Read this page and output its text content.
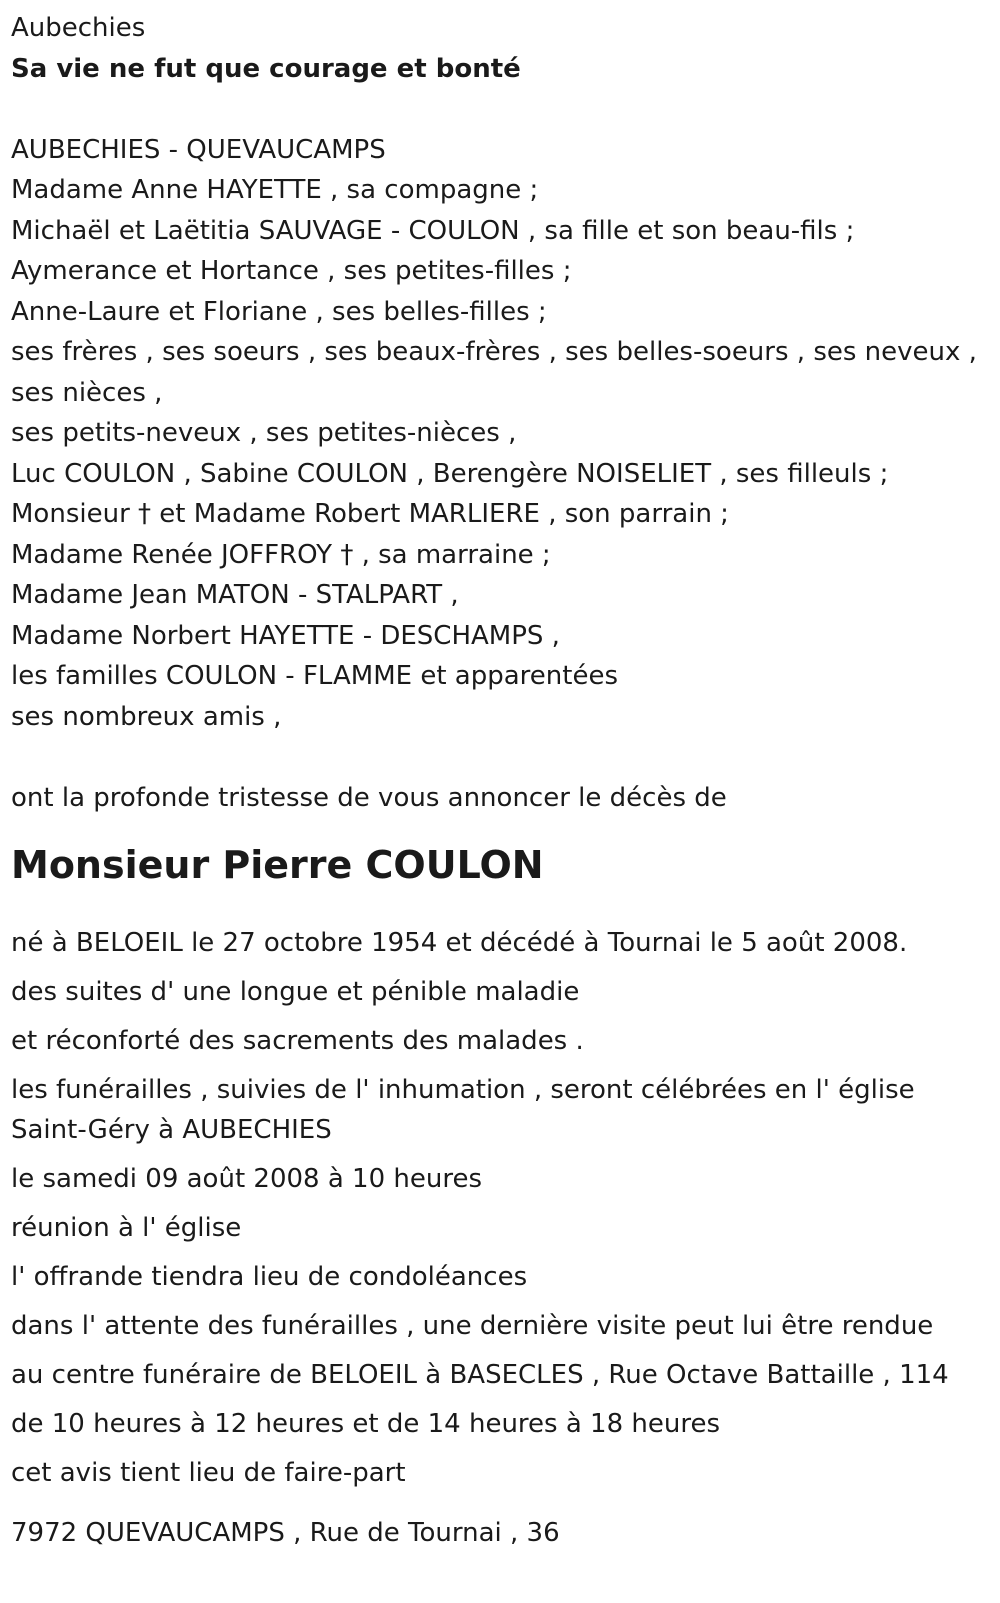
Aubechies
Sa vie ne fut que courage et bonté
AUBECHIES - QUEVAUCAMPS
Madame Anne HAYETTE , sa compagne ;
Michaël et Laëtitia SAUVAGE - COULON , sa fille et son beau-fils ;
Aymerance et Hortance , ses petites-filles ;
Anne-Laure et Floriane , ses belles-filles ;
ses frères , ses soeurs , ses beaux-frères , ses belles-soeurs , ses neveux ,
ses nièces ,
ses petits-neveux , ses petites-nièces ,
Luc COULON , Sabine COULON , Berengère NOISELIET , ses filleuls ;
Monsieur † et Madame Robert MARLIERE , son parrain ;
Madame Renée JOFFROY † , sa marraine ;
Madame Jean MATON - STALPART ,
Madame Norbert HAYETTE - DESCHAMPS ,
les familles COULON - FLAMME et apparentées
ses nombreux amis ,
ont la profonde tristesse de vous annoncer le décès de
Monsieur Pierre COULON
né à BELOEIL le 27 octobre 1954 et décédé à Tournai le 5 août 2008.
des suites d' une longue et pénible maladie
et réconforté des sacrements des malades .
les funérailles , suivies de l' inhumation , seront célébrées en l' église Saint-Géry à AUBECHIES
le samedi 09 août 2008 à 10 heures
réunion à l' église
l' offrande tiendra lieu de condoléances
dans l' attente des funérailles , une dernière visite peut lui être rendue
au centre funéraire de BELOEIL à BASECLES , Rue Octave Battaille , 114
de 10 heures à 12 heures et de 14 heures à 18 heures
cet avis tient lieu de faire-part
7972 QUEVAUCAMPS , Rue de Tournai , 36
